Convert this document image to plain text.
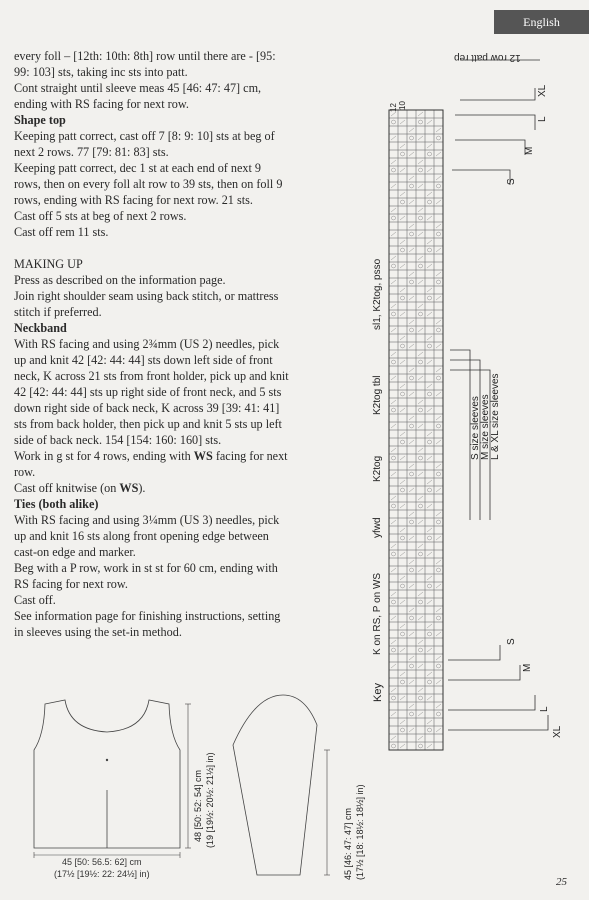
English

every foll – [12th: 10th: 8th] row until there are - [95: 99: 103] sts, taking inc sts into patt.

Cont straight until sleeve meas 45 [46: 47: 47] cm, ending with RS facing for next row.

Shape top

Keeping patt correct, cast off 7 [8: 9: 10] sts at beg of next 2 rows. 77 [79: 81: 83] sts.

Keeping patt correct, dec 1 st at each end of next 9 rows, then on every foll alt row to 39 sts, then on foll 9 rows, ending with RS facing for next row. 21 sts.

Cast off 5 sts at beg of next 2 rows.

Cast off rem 11 sts.

MAKING UP

Press as described on the information page.

Join right shoulder seam using back stitch, or mattress stitch if preferred.

Neckband

With RS facing and using 2¾mm (US 2) needles, pick up and knit 42 [42: 44: 44] sts down left side of front neck, K across 21 sts from front holder, pick up and knit 42 [42: 44: 44] sts up right side of front neck, and 5 sts down right side of back neck, K across 39 [39: 41: 41] sts from back holder, then pick up and knit 5 sts up left side of back neck. 154 [154: 160: 160] sts.

Work in g st for 4 rows, ending with WS facing for next row.

Cast off knitwise (on WS).

Ties (both alike)

With RS facing and using 3¼mm (US 3) needles, pick up and knit 16 sts along front opening edge between cast-on edge and marker.

Beg with a P row, work in st st for 60 cm, ending with RS facing for next row.

Cast off.

See information page for finishing instructions, setting in sleeves using the set-in method.

45 [50: 56.5: 62] cm
(17½ [19½: 22: 24½] in)
48 [50: 52: 54] cm (19 [19½: 20½: 21½] in)	45 [46: 47: 47] cm (17½ [18: 18½: 18½] in)
12 row patt rep
12 10
Key
K on RS, P on WS
yfwd
K2tog
K2tog tbl
sl1, K2tog, psso
S size sleeves M size sleeves L & XL size sleeves
XL
L
M
S
S
M
L
XL
25
